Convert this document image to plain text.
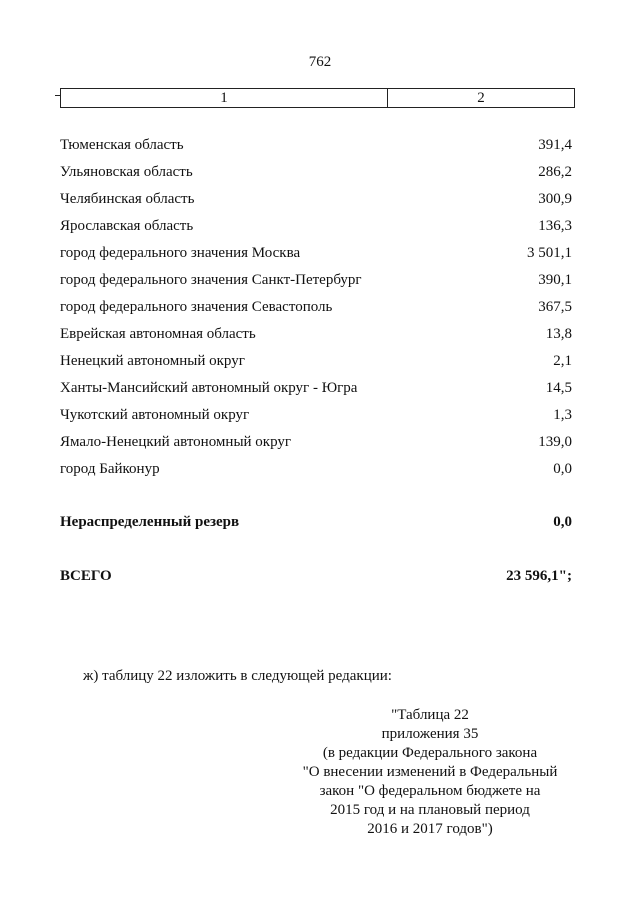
762
1	2
Тюменская область	391,4
Ульяновская область	286,2
Челябинская область	300,9
Ярославская область	136,3
город федерального значения Москва	3 501,1
город федерального значения Санкт-Петербург	390,1
город федерального значения Севастополь	367,5
Еврейская автономная область	13,8
Ненецкий автономный округ	2,1
Ханты-Мансийский автономный округ - Югра	14,5
Чукотский автономный округ	1,3
Ямало-Ненецкий автономный округ	139,0
город Байконур	0,0
Нераспределенный резерв	0,0
ВСЕГО	23 596,1";
ж) таблицу 22 изложить в следующей редакции:
"Таблица 22
приложения 35
(в редакции Федерального закона
"О внесении изменений в Федеральный
закон "О федеральном бюджете на
2015 год и на плановый период
2016 и 2017 годов")
